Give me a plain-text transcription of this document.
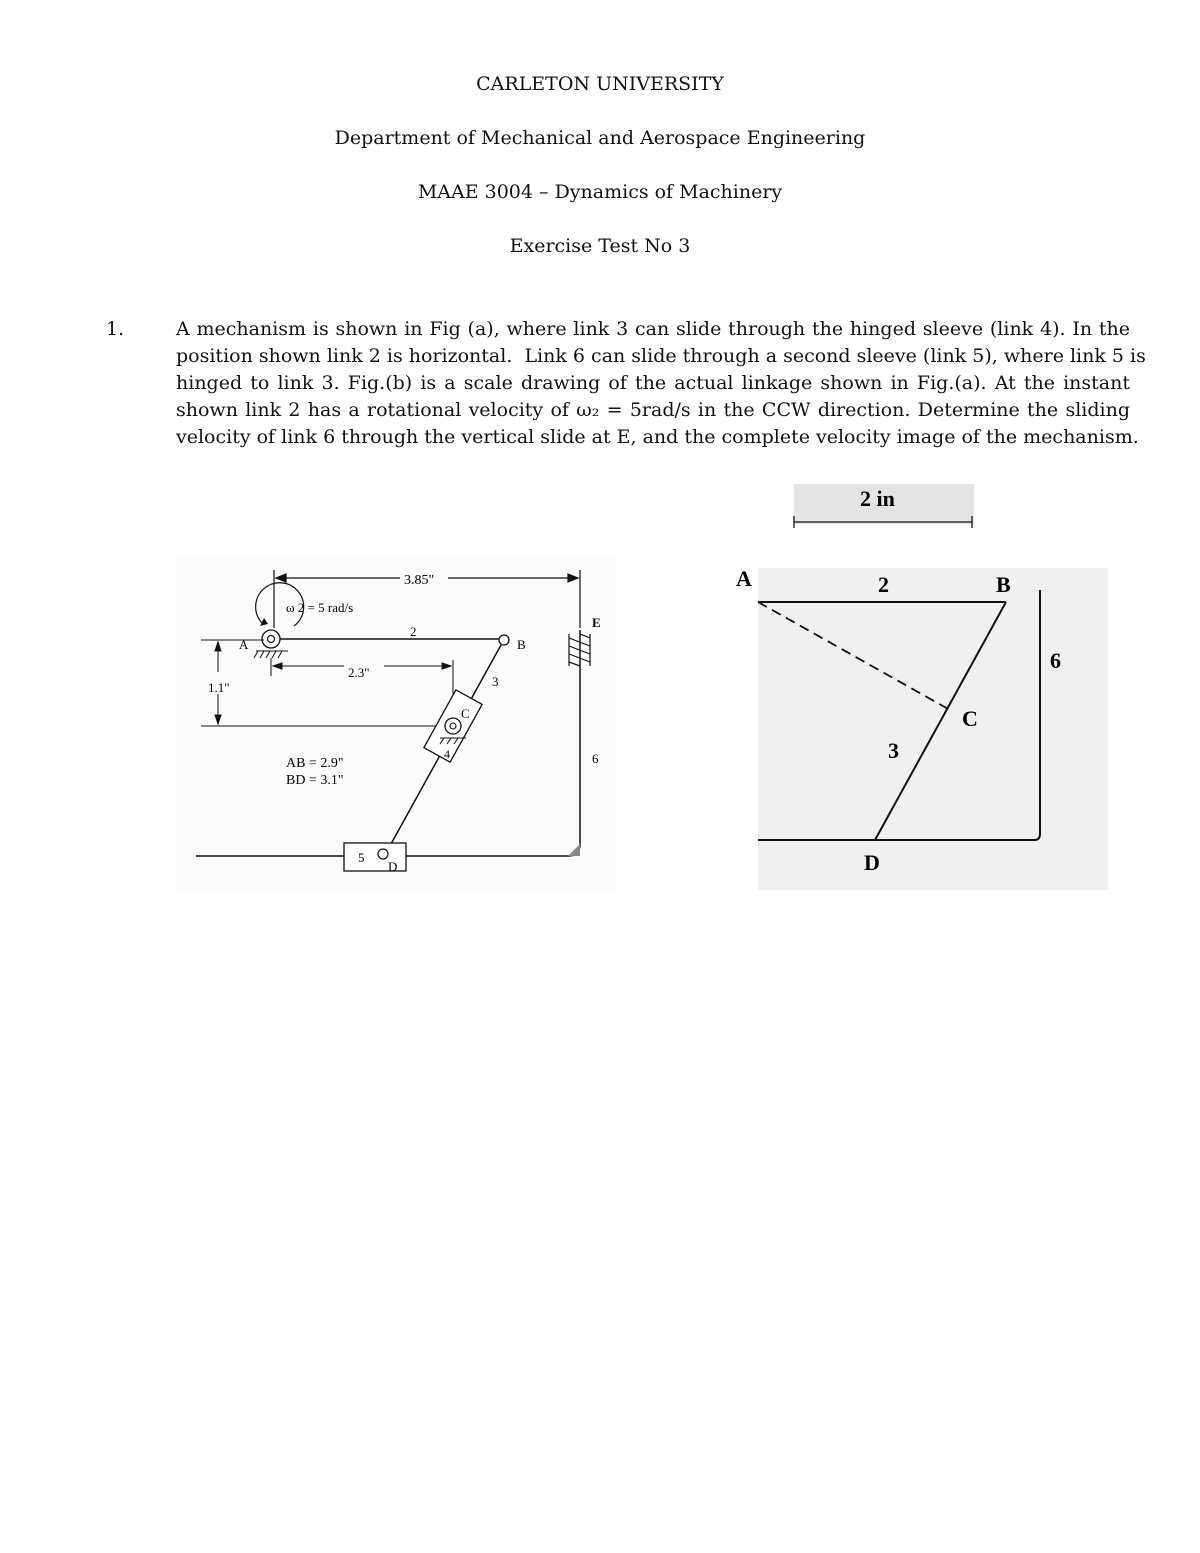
CARLETON UNIVERSITY
Department of Mechanical and Aerospace Engineering
MAAE 3004 – Dynamics of Machinery
Exercise Test No 3
1.	A mechanism is shown in Fig (a), where link 3 can slide through the hinged sleeve (link 4). In the
position shown link 2 is horizontal.  Link 6 can slide through a second sleeve (link 5), where link 5 is
hinged to link 3. Fig.(b) is a scale drawing of the actual linkage shown in Fig.(a). At the instant
shown link 2 has a rotational velocity of ω₂ = 5rad/s in the CCW direction. Determine the sliding
velocity of link 6 through the vertical slide at E, and the complete velocity image of the mechanism.
3.85"
ω 2 = 5 rad/s
A
2
B
3
2.3"
1.1"
C
4
AB = 2.9"
BD = 3.1"
6
E
5
D
2 in
A	2	B
3
C
6
D
